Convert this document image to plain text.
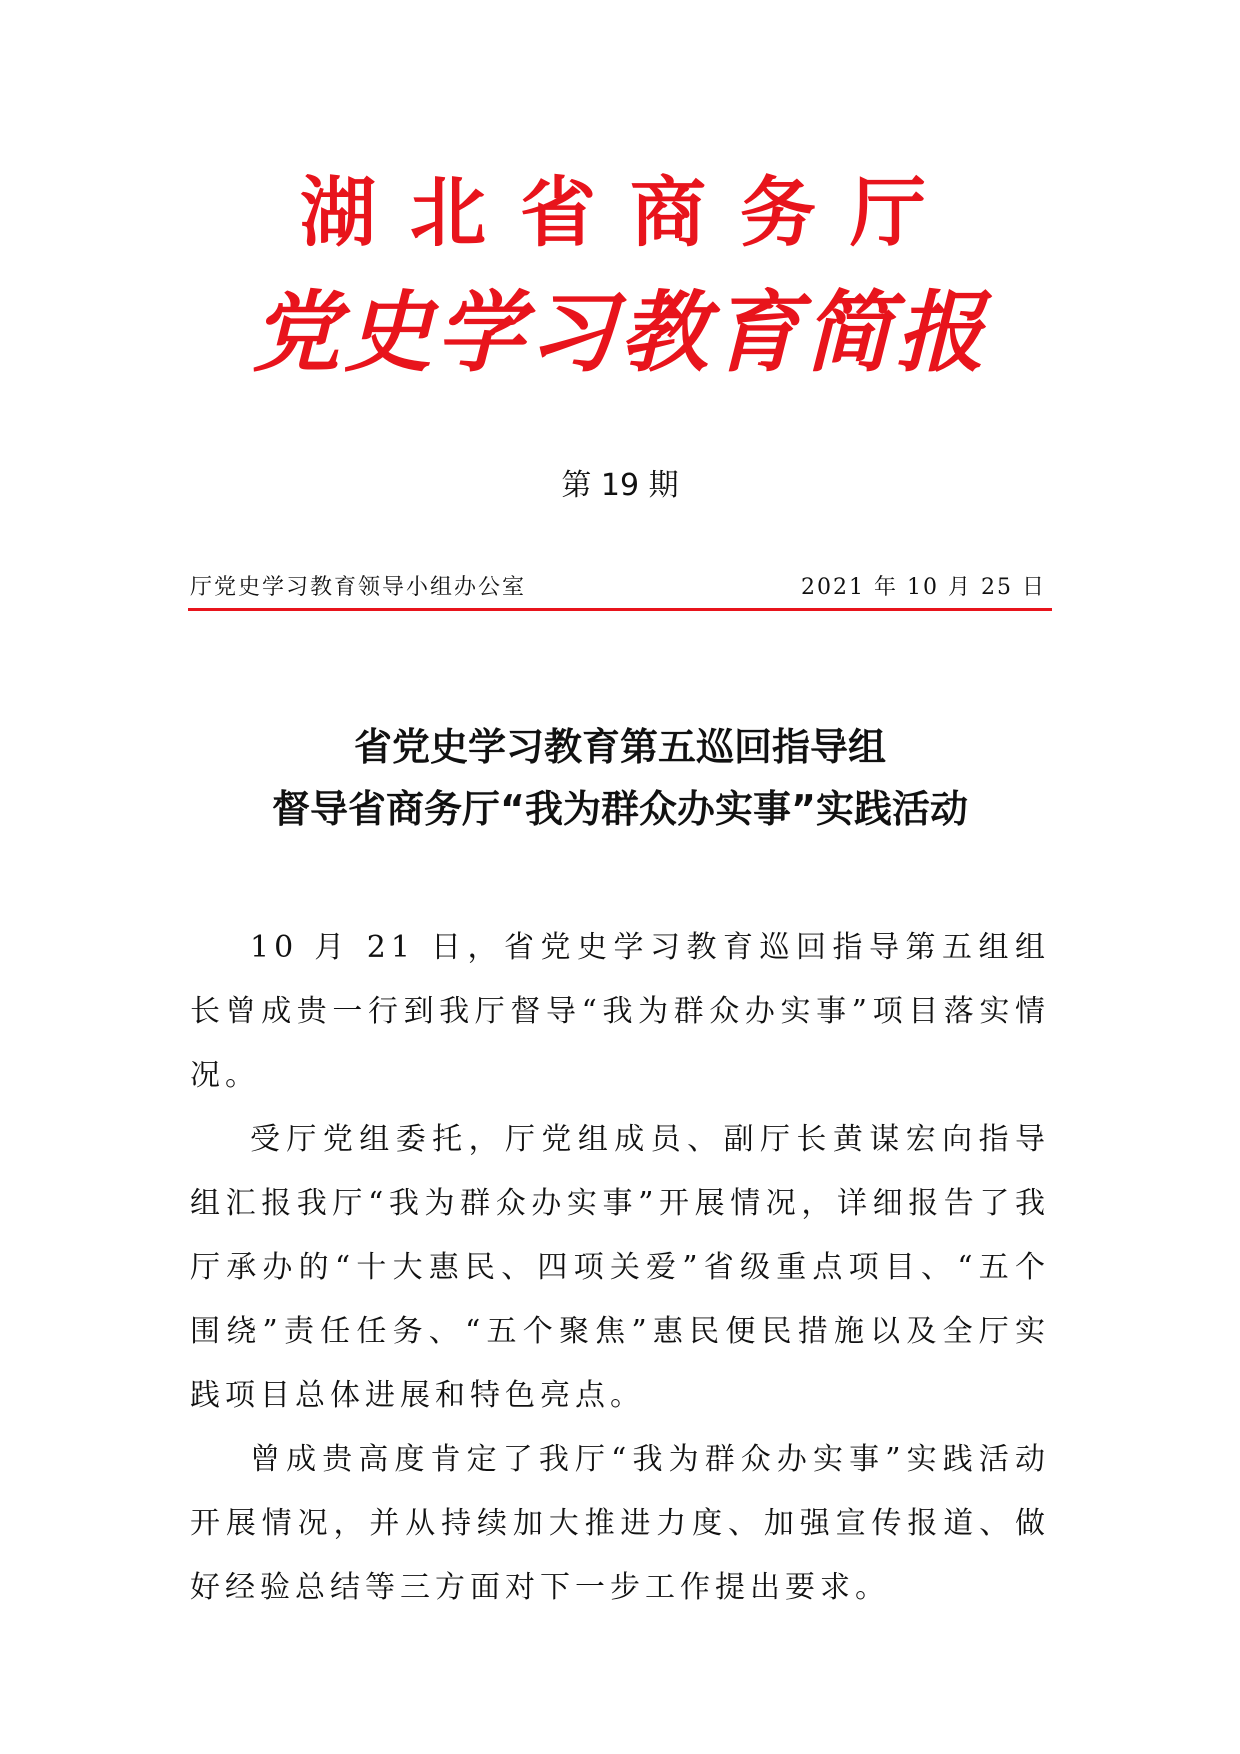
湖北省商务厅
党史学习教育简报
第 19 期
厅党史学习教育领导小组办公室	2021 年 10 月 25 日
省党史学习教育第五巡回指导组
督导省商务厅“我为群众办实事”实践活动

10 月 21 日，省党史学习教育巡回指导第五组组长曾成贵一行到我厅督导“我为群众办实事”项目落实情况。

受厅党组委托，厅党组成员、副厅长黄谋宏向指导组汇报我厅“我为群众办实事”开展情况，详细报告了我厅承办的“十大惠民、四项关爱”省级重点项目、“五个围绕”责任任务、“五个聚焦”惠民便民措施以及全厅实践项目总体进展和特色亮点。

曾成贵高度肯定了我厅“我为群众办实事”实践活动开展情况，并从持续加大推进力度、加强宣传报道、做好经验总结等三方面对下一步工作提出要求。
